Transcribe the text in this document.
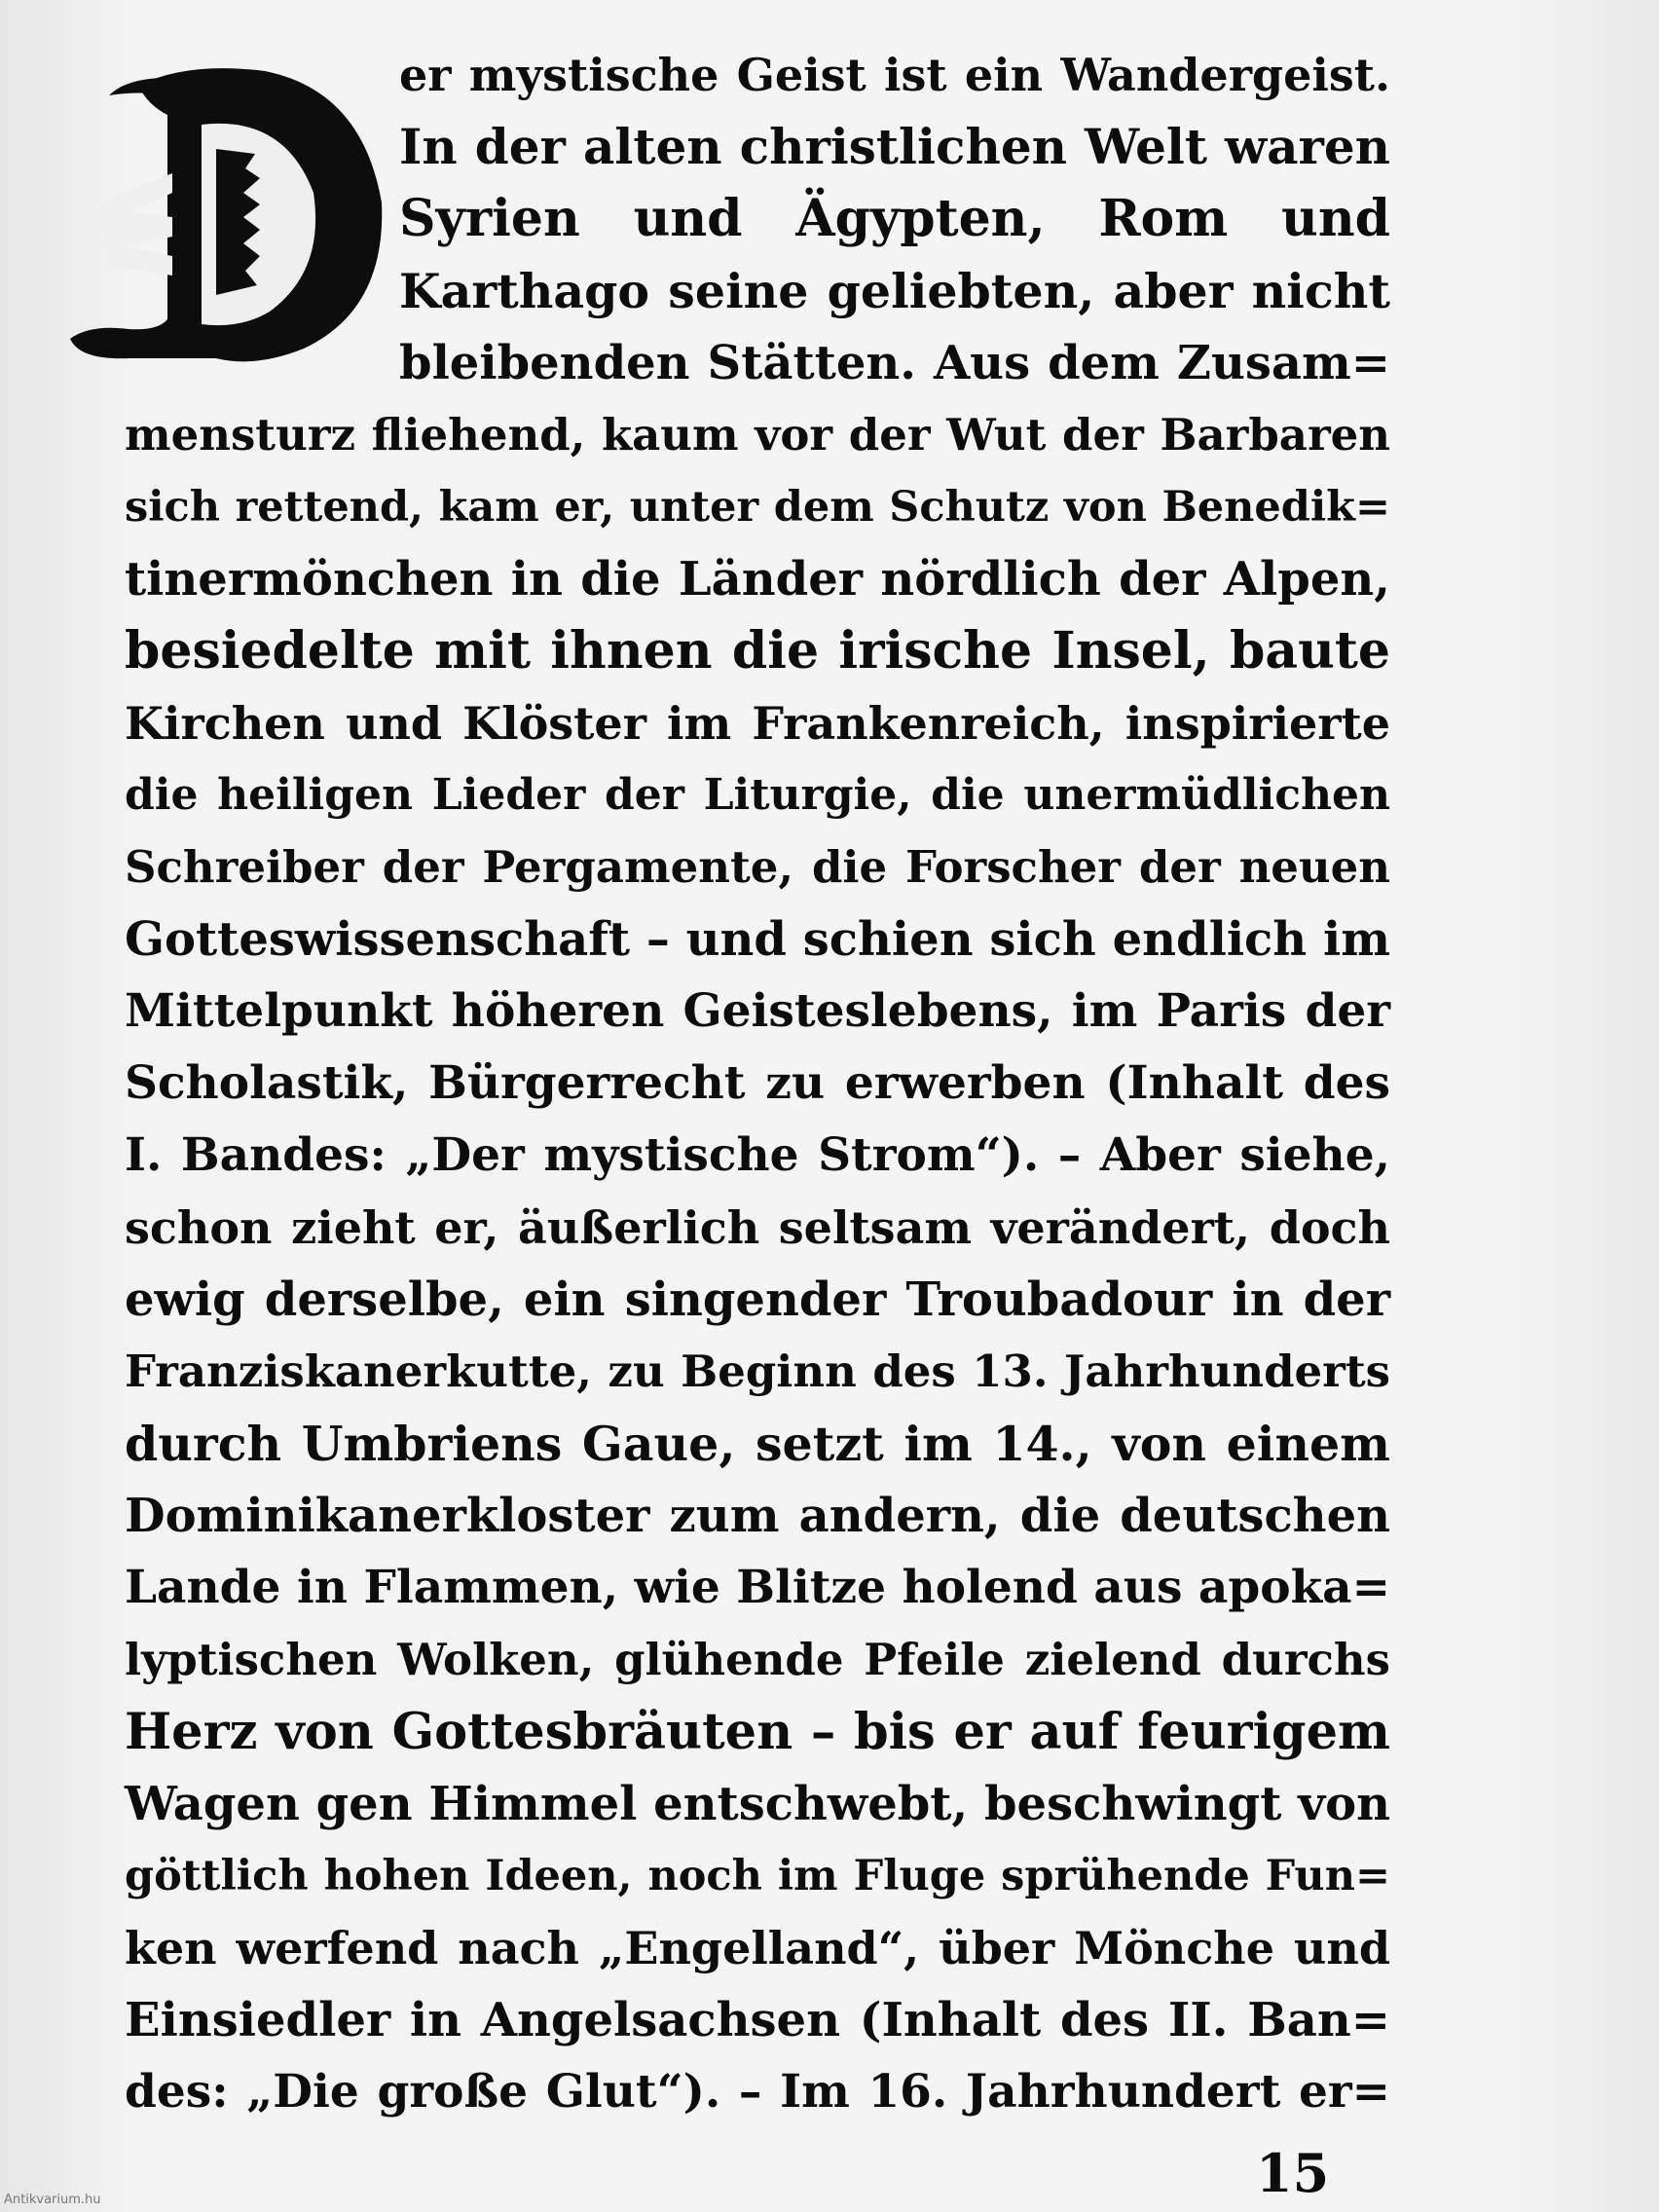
er mystische Geist ist ein Wandergeist.
In der alten christlichen Welt waren
Syrien und Ägypten, Rom und
Karthago seine geliebten, aber nicht
bleibenden Stätten. Aus dem Zusam=
mensturz fliehend, kaum vor der Wut der Barbaren
sich rettend, kam er, unter dem Schutz von Benedik=
tinermönchen in die Länder nördlich der Alpen,
besiedelte mit ihnen die irische Insel, baute
Kirchen und Klöster im Frankenreich, inspirierte
die heiligen Lieder der Liturgie, die unermüdlichen
Schreiber der Pergamente, die Forscher der neuen
Gotteswissenschaft – und schien sich endlich im
Mittelpunkt höheren Geisteslebens, im Paris der
Scholastik, Bürgerrecht zu erwerben (Inhalt des
I. Bandes: „Der mystische Strom“). – Aber siehe,
schon zieht er, äußerlich seltsam verändert, doch
ewig derselbe, ein singender Troubadour in der
Franziskanerkutte, zu Beginn des 13. Jahrhunderts
durch Umbriens Gaue, setzt im 14., von einem
Dominikanerkloster zum andern, die deutschen
Lande in Flammen, wie Blitze holend aus apoka=
lyptischen Wolken, glühende Pfeile zielend durchs
Herz von Gottesbräuten – bis er auf feurigem
Wagen gen Himmel entschwebt, beschwingt von
göttlich hohen Ideen, noch im Fluge sprühende Fun=
ken werfend nach „Engelland“, über Mönche und
Einsiedler in Angelsachsen (Inhalt des II. Ban=
des: „Die große Glut“). – Im 16. Jahrhundert er=
15
Antikvarium.hu
